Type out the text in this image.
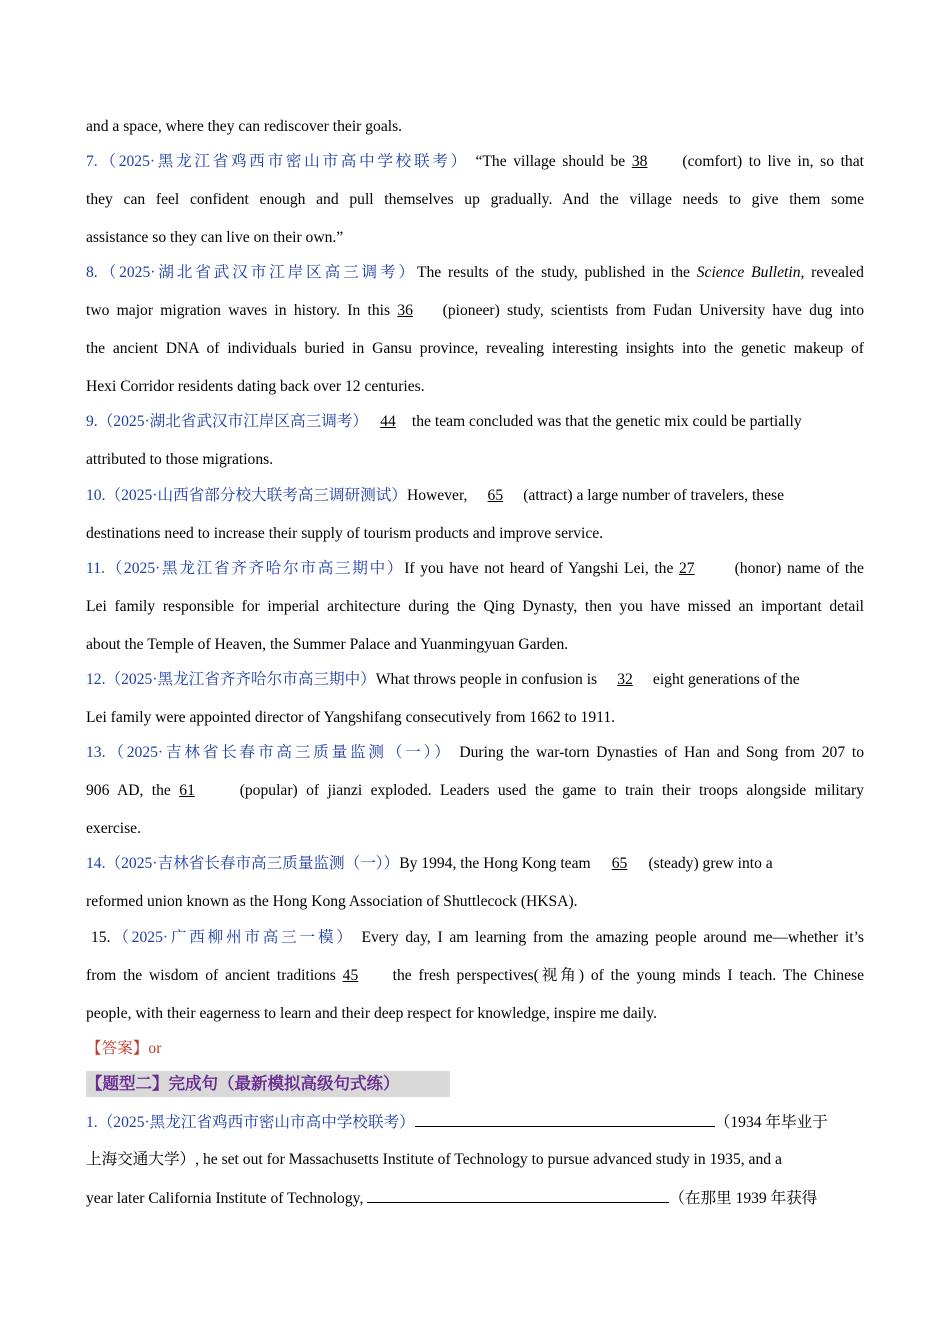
and a space, where they can rediscover their goals.
7.（2025·黑龙江省鸡西市密山市高中学校联考） “The village should be 38 (comfort) to live in, so that
they can feel confident enough and pull themselves up gradually. And the village needs to give them some
assistance so they can live on their own.”
8.（2025·湖北省武汉市江岸区高三调考）The results of the study, published in the Science Bulletin, revealed
two major migration waves in history. In this 36 (pioneer) study, scientists from Fudan University have dug into
the ancient DNA of individuals buried in Gansu province, revealing interesting insights into the genetic makeup of
Hexi Corridor residents dating back over 12 centuries.
9.（2025·湖北省武汉市江岸区高三调考） 44 the team concluded was that the genetic mix could be partially
attributed to those migrations.
10.（2025·山西省部分校大联考高三调研测试）However, 65 (attract) a large number of travelers, these
destinations need to increase their supply of tourism products and improve service.
11.（2025·黑龙江省齐齐哈尔市高三期中）If you have not heard of Yangshi Lei, the 27	(honor) name of the
Lei family responsible for imperial architecture during the Qing Dynasty, then you have missed an important detail
about the Temple of Heaven, the Summer Palace and Yuanmingyuan Garden.
12.（2025·黑龙江省齐齐哈尔市高三期中）What throws people in confusion is 32 eight generations of the
Lei family were appointed director of Yangshifang consecutively from 1662 to 1911.
13.（2025·吉林省长春市高三质量监测（一）） During the war-torn Dynasties of Han and Song from 207 to
906 AD, the 61	(popular) of jianzi exploded. Leaders used the game to train their troops alongside military
exercise.
14.（2025·吉林省长春市高三质量监测（一））By 1994, the Hong Kong team 65 (steady) grew into a
reformed union known as the Hong Kong Association of Shuttlecock (HKSA).
15.（2025·广西柳州市高三一模） Every day, I am learning from the amazing people around me—whether it’s
from the wisdom of ancient traditions 45 the fresh perspectives(视角) of the young minds I teach. The Chinese
people, with their eagerness to learn and their deep respect for knowledge, inspire me daily.
【答案】or
【题型二】完成句（最新模拟高级句式练）
1.（2025·黑龙江省鸡西市密山市高中学校联考）	（1934 年毕业于
上海交通大学）, he set out for Massachusetts Institute of Technology to pursue advanced study in 1935, and a
year later California Institute of Technology,	（在那里 1939 年获得
